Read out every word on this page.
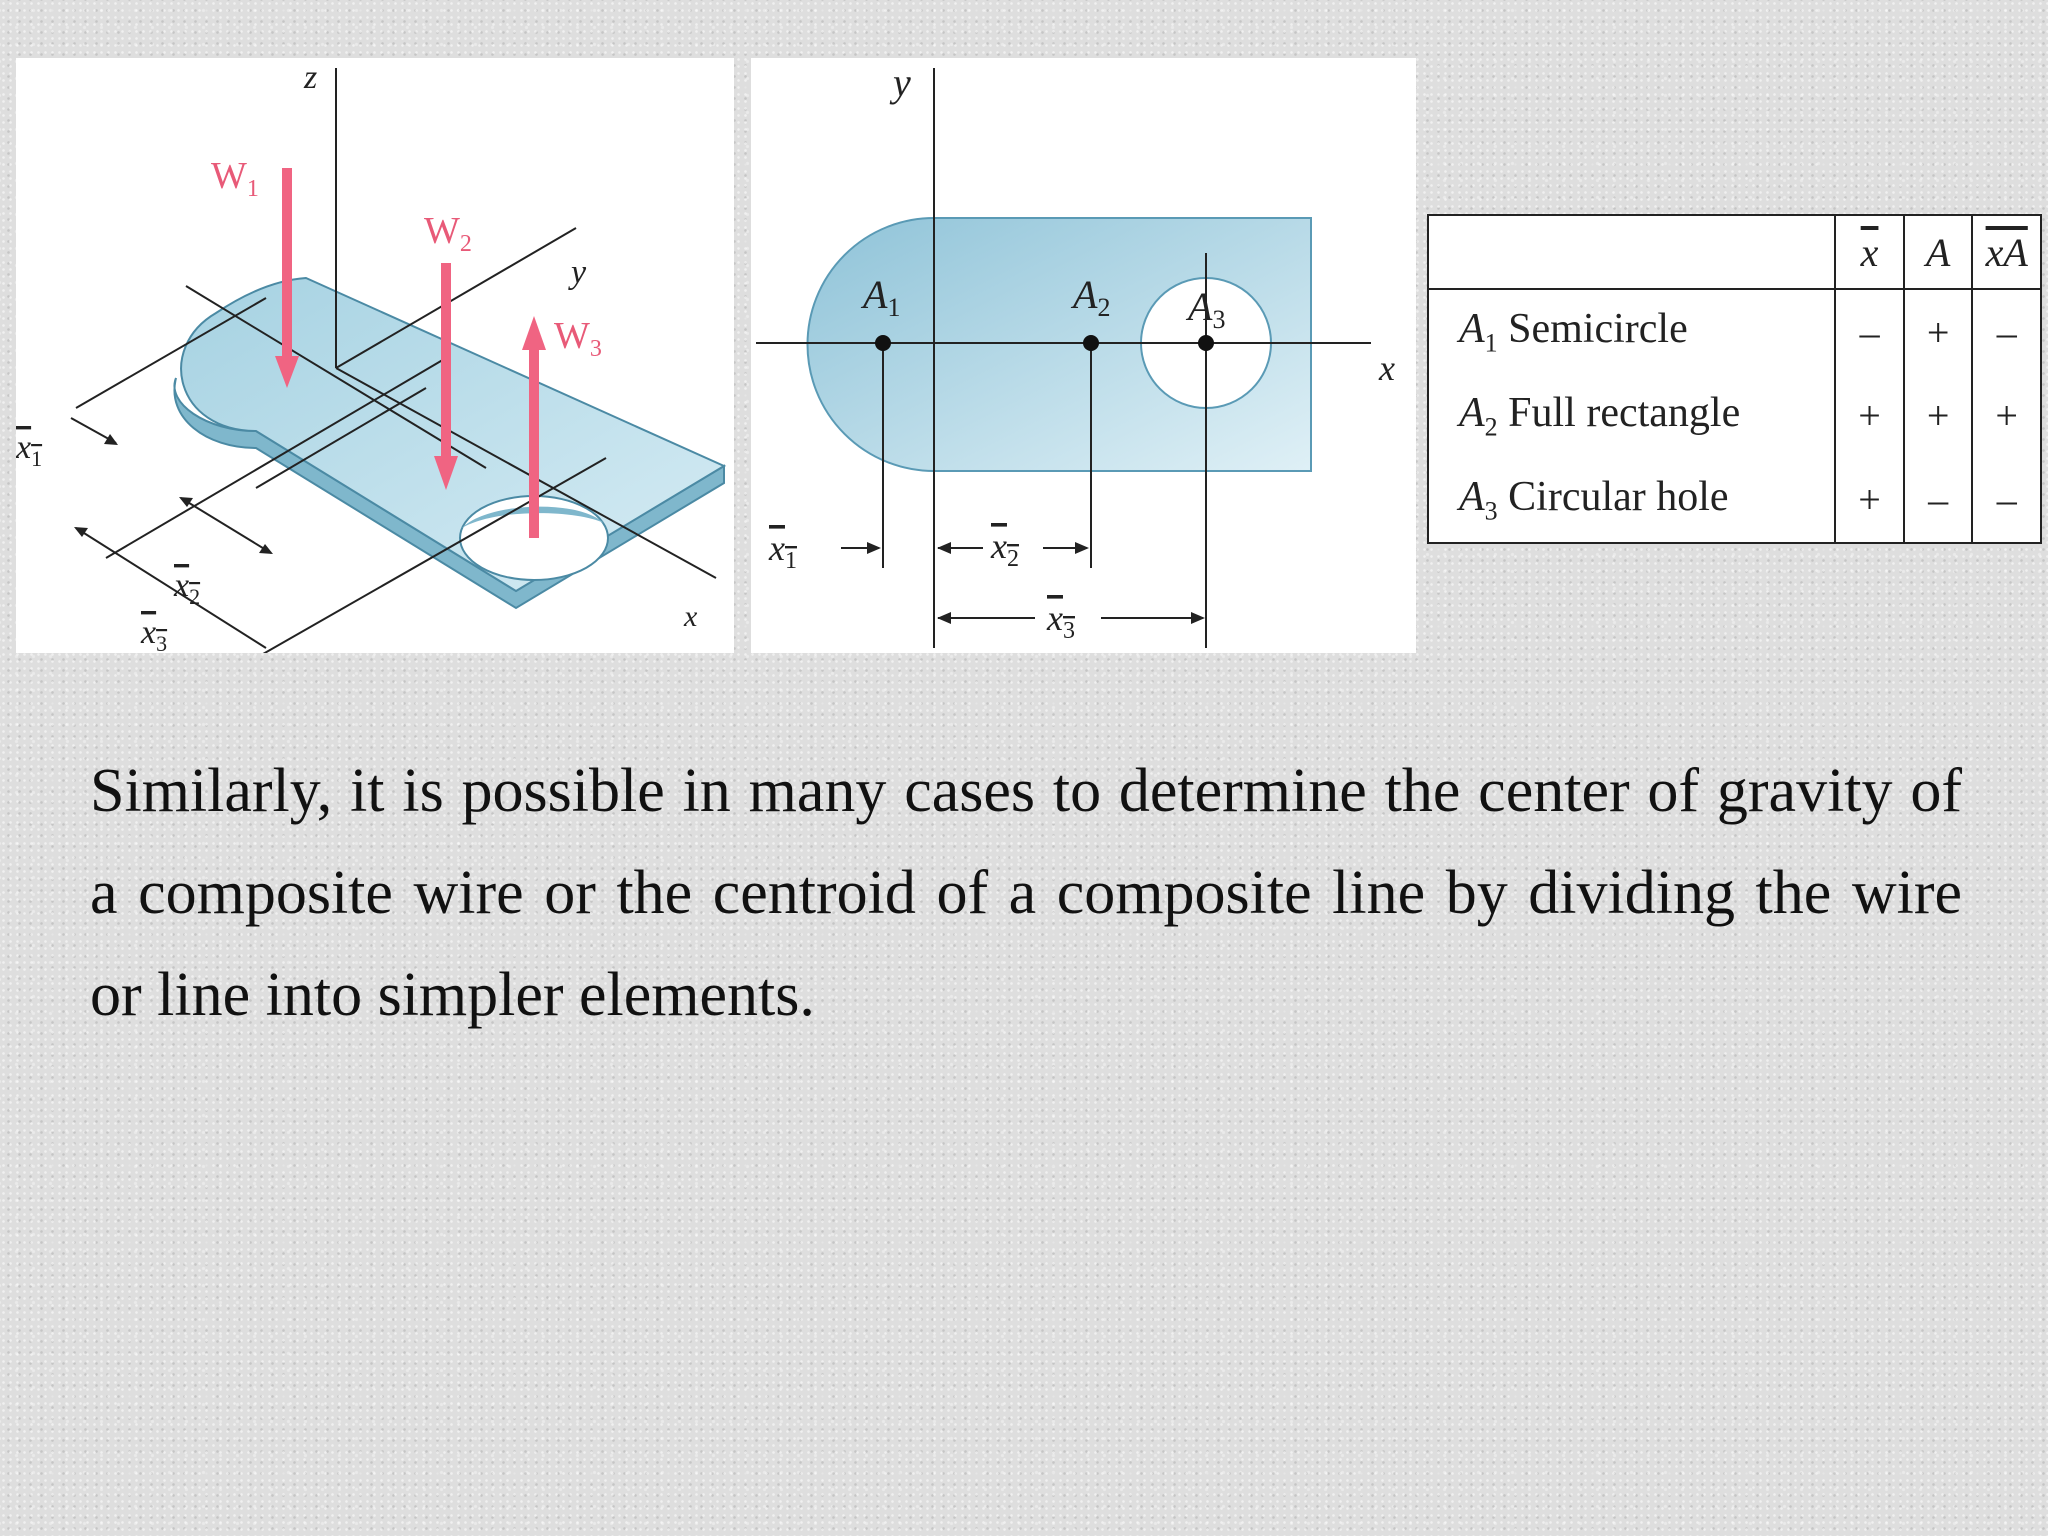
z
y
x
$W_1$
$W_2$
$W_3$
$x_1$
$x_2$
$x_3$
y
x
$A_1$	$A_2$ $A_3$
$x_1$	$x_2$
$x_3$
	$\overline{x}$	A	$\overline{xA}$
$A_1$ Semicircle	–	+	–
$A_2$ Full rectangle	+	+	+
$A_3$ Circular hole	+	–	–

Similarly, it is possible in many cases to determine the center of gravity of a composite wire or the centroid of a composite line by dividing the wire or line into simpler elements.
